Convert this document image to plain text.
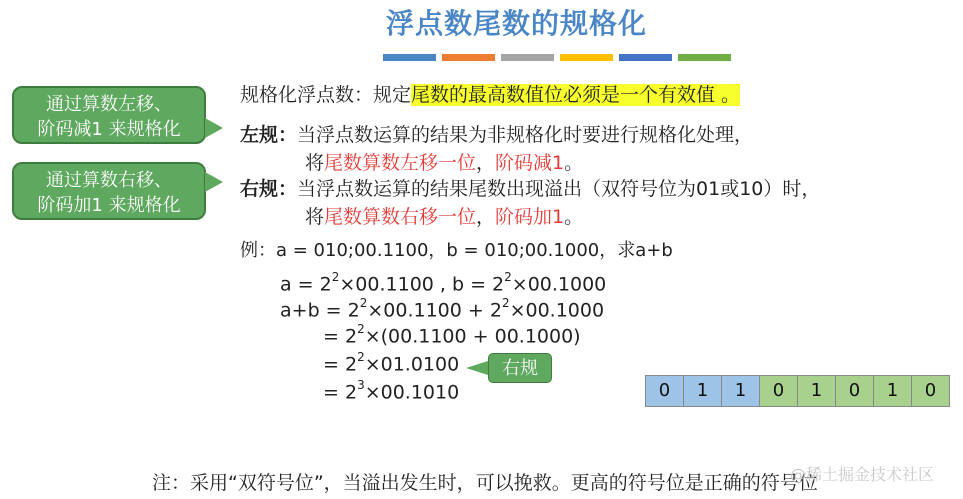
浮点数尾数的规格化
通过算数左移、
阶码减1 来规格化
通过算数右移、
阶码加1 来规格化
规格化浮点数：规定尾数的最高数值位必须是一个有效值 。
左规：当浮点数运算的结果为非规格化时要进行规格化处理，
将尾数算数左移一位，阶码减1。
右规：当浮点数运算的结果尾数出现溢出（双符号位为01或10）时，
将尾数算数右移一位，阶码加1。
例：a = 010;00.1100，b = 010;00.1000，求a+b
$a = 2^2\times 00.1100$ , $b = 2^2\times 00.1000$
$a+b = 2^2\times 00.1100 + 2^2\times 00.1000$
= $2^2\times(00.1100 + 00.1000)$
= $2^2\times 01.0100$
= $2^3\times 00.1010$
右规
0	1	1	0	1	0	1	0
注：采用“双符号位”，当溢出发生时，可以挽救。更高的符号位是正确的符号位
@稀土掘金技术社区
